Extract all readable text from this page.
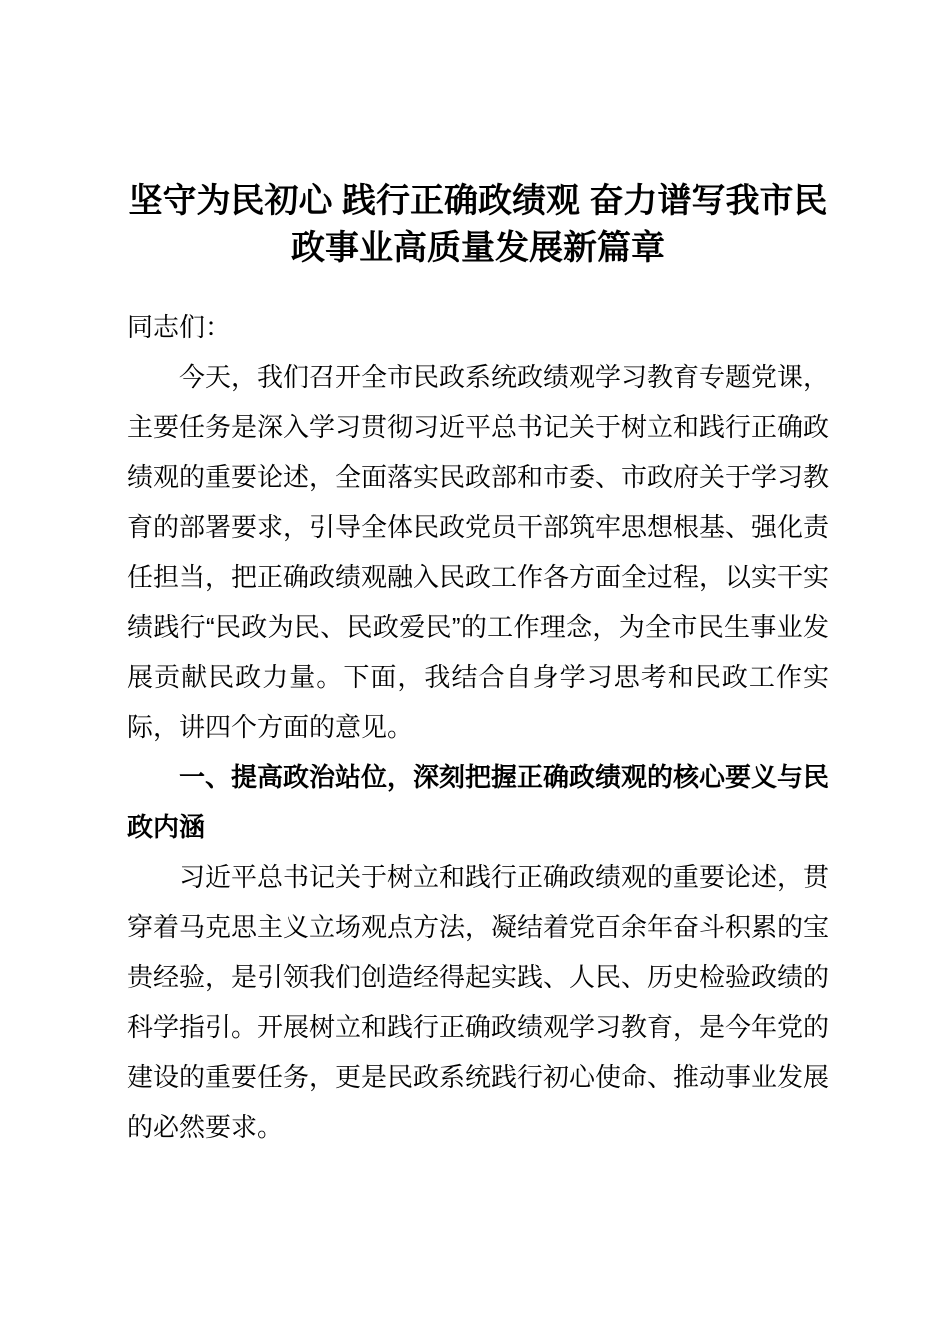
坚守为民初心 践行正确政绩观 奋力谱写我市民政事业高质量发展新篇章

同志们：

今天，我们召开全市民政系统政绩观学习教育专题党课，主要任务是深入学习贯彻习近平总书记关于树立和践行正确政绩观的重要论述，全面落实民政部和市委、市政府关于学习教育的部署要求，引导全体民政党员干部筑牢思想根基、强化责任担当，把正确政绩观融入民政工作各方面全过程，以实干实绩践行“民政为民、民政爱民”的工作理念，为全市民生事业发展贡献民政力量。下面，我结合自身学习思考和民政工作实际，讲四个方面的意见。

一、提高政治站位，深刻把握正确政绩观的核心要义与民政内涵

习近平总书记关于树立和践行正确政绩观的重要论述，贯穿着马克思主义立场观点方法，凝结着党百余年奋斗积累的宝贵经验，是引领我们创造经得起实践、人民、历史检验政绩的科学指引。开展树立和践行正确政绩观学习教育，是今年党的建设的重要任务，更是民政系统践行初心使命、推动事业发展的必然要求。
